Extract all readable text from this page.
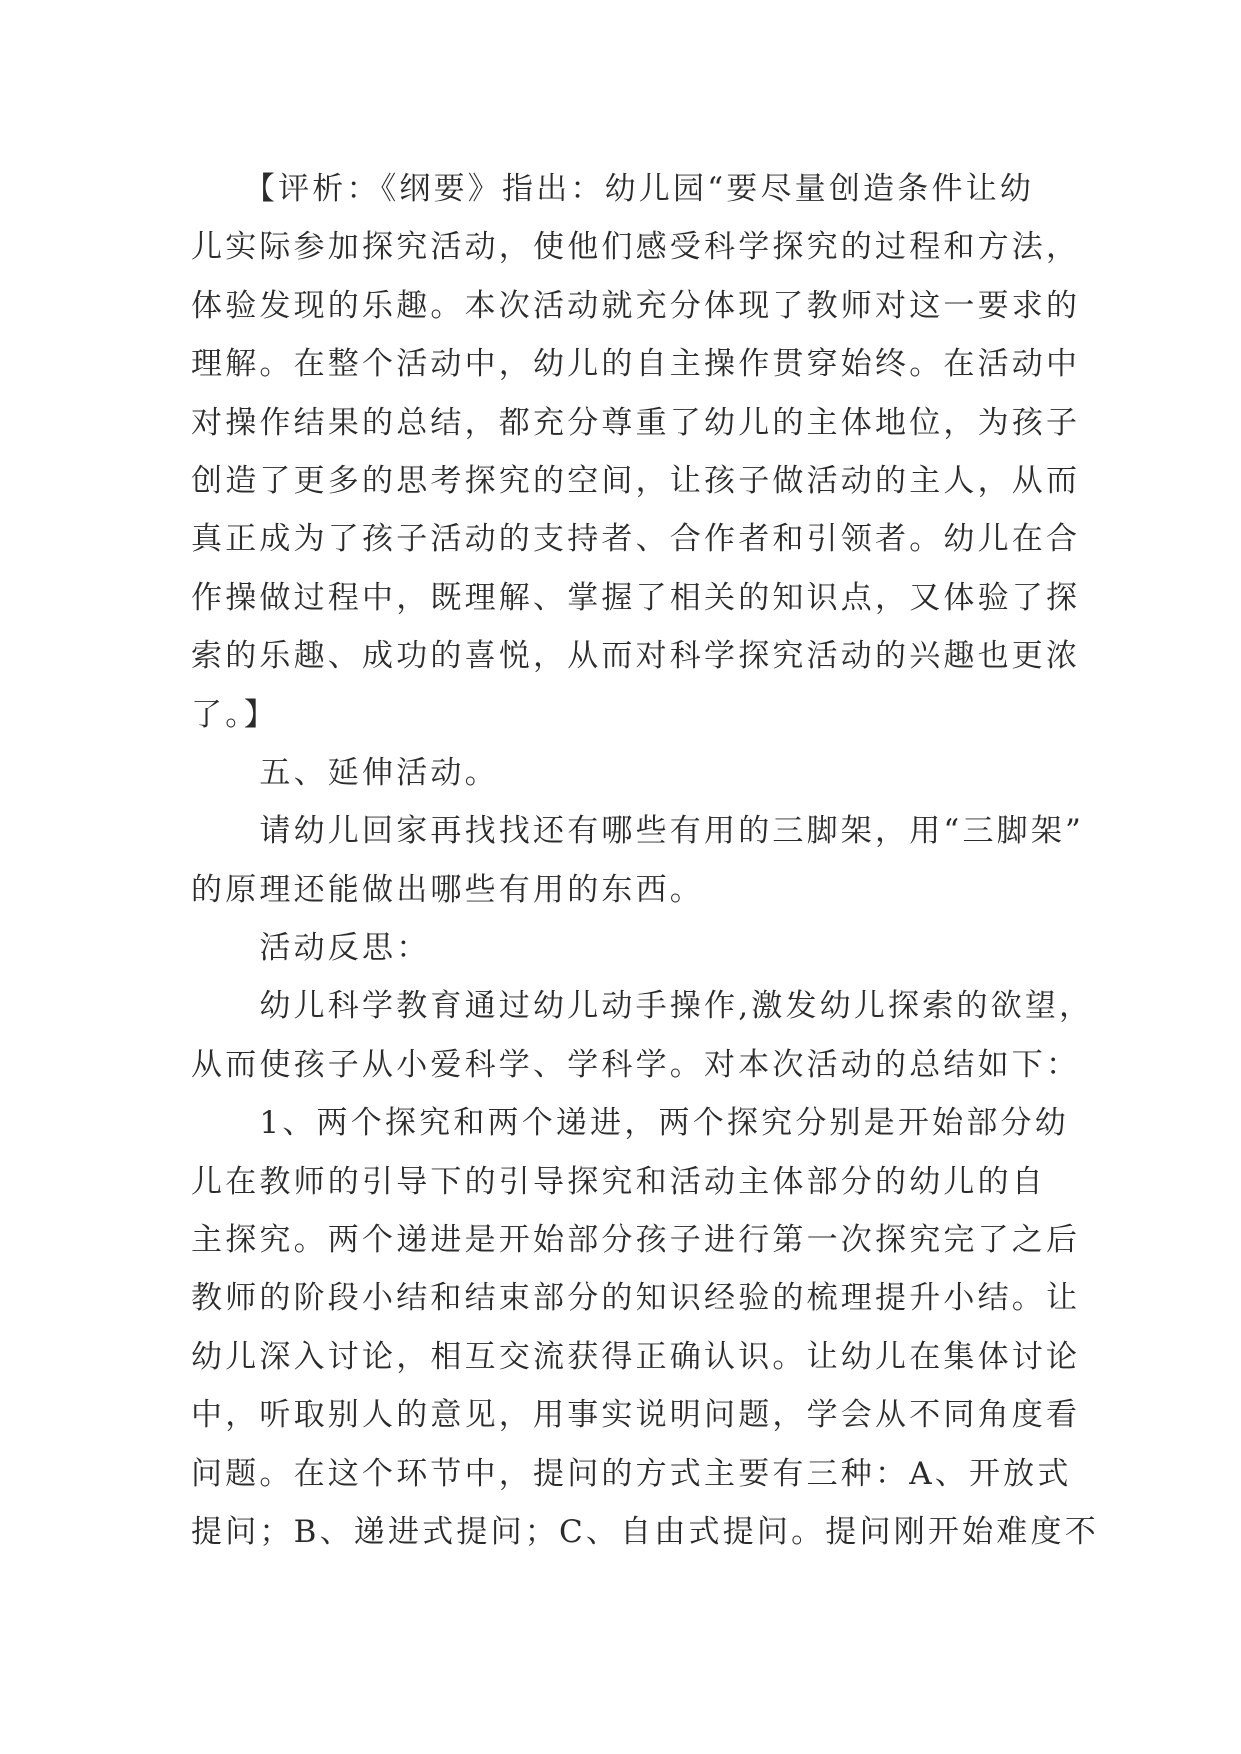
　　【评析：《纲要》指出：幼儿园“要尽量创造条件让幼
儿实际参加探究活动，使他们感受科学探究的过程和方法，
体验发现的乐趣。本次活动就充分体现了教师对这一要求的
理解。在整个活动中，幼儿的自主操作贯穿始终。在活动中
对操作结果的总结，都充分尊重了幼儿的主体地位，为孩子
创造了更多的思考探究的空间，让孩子做活动的主人，从而
真正成为了孩子活动的支持者、合作者和引领者。幼儿在合
作操做过程中，既理解、掌握了相关的知识点，又体验了探
索的乐趣、成功的喜悦，从而对科学探究活动的兴趣也更浓
了。】
　　五、延伸活动。
　　请幼儿回家再找找还有哪些有用的三脚架，用“三脚架”
的原理还能做出哪些有用的东西。
　　活动反思：
　　幼儿科学教育通过幼儿动手操作,激发幼儿探索的欲望，
从而使孩子从小爱科学、学科学。对本次活动的总结如下：
　　1、两个探究和两个递进，两个探究分别是开始部分幼
儿在教师的引导下的引导探究和活动主体部分的幼儿的自
主探究。两个递进是开始部分孩子进行第一次探究完了之后
教师的阶段小结和结束部分的知识经验的梳理提升小结。让
幼儿深入讨论，相互交流获得正确认识。让幼儿在集体讨论
中，听取别人的意见，用事实说明问题，学会从不同角度看
问题。在这个环节中，提问的方式主要有三种：A、开放式
提问；B、递进式提问；C、自由式提问。提问刚开始难度不
